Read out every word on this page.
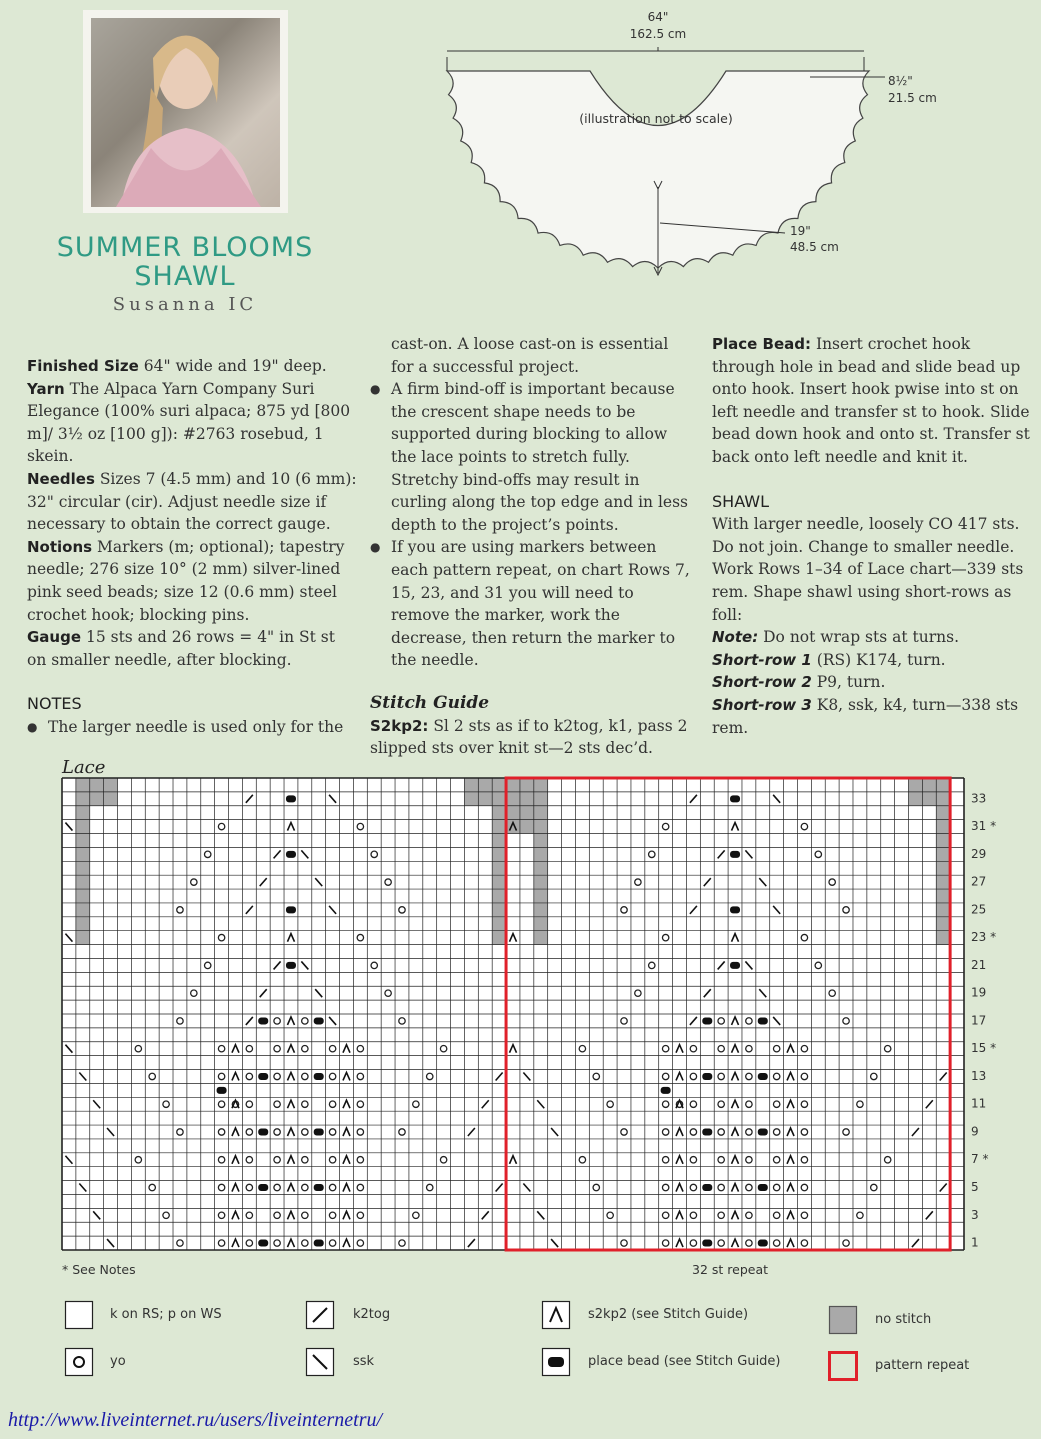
SUMMER BLOOMS
SHAWL
Susanna IC
64"
162.5 cm
8½"
21.5 cm
19"
48.5 cm
(illustration not to scale)

Finished Size 64" wide and 19" deep.

Yarn The Alpaca Yarn Company Suri Elegance (100% suri alpaca; 875 yd [800 m]/ 3½ oz [100 g]): #2763 rosebud, 1 skein.

Needles Sizes 7 (4.5 mm) and 10 (6 mm): 32" circular (cir). Adjust needle size if necessary to obtain the correct gauge.

Notions Markers (m; optional); tapestry needle; 276 size 10° (2 mm) silver-lined pink seed beads; size 12 (0.6 mm) steel crochet hook; blocking pins.

Gauge 15 sts and 26 rows = 4" in St st on smaller needle, after blocking.

NOTES

● The larger needle is used only for the

cast-on. A loose cast-on is essential for a successful project.

● A firm bind-off is important because the crescent shape needs to be supported during blocking to allow the lace points to stretch fully. Stretchy bind-offs may result in curling along the top edge and in less depth to the project’s points.
● If you are using markers between each pattern repeat, on chart Rows 7, 15, 23, and 31 you will need to remove the marker, work the decrease, then return the marker to the needle.

Stitch Guide

S2kp2: Sl 2 sts as if to k2tog, k1, pass 2 slipped sts over knit st—2 sts dec’d.

Place Bead: Insert crochet hook through hole in bead and slide bead up onto hook. Insert hook pwise into st on left needle and transfer st to hook. Slide bead down hook and onto st. Transfer st back onto left needle and knit it.

SHAWL

With larger needle, loosely CO 417 sts. Do not join. Change to smaller needle. Work Rows 1–34 of Lace chart—339 sts rem. Shape shawl using short-rows as foll:

Note: Do not wrap sts at turns.

Short-row 1 (RS) K174, turn.

Short-row 2 P9, turn.

Short-row 3 K8, ssk, k4, turn—338 sts rem.

Lace
33
31 *
29
27
25
23 *
21
19
17
15 *
13
11
9
7 *
5
3
1
* See Notes	32 st repeat
k on RS; p on WS	k2tog	s2kp2 (see Stitch Guide)	no stitch
yo	ssk	place bead (see Stitch Guide)	pattern repeat
http://www.liveinternet.ru/users/liveinternetru/
